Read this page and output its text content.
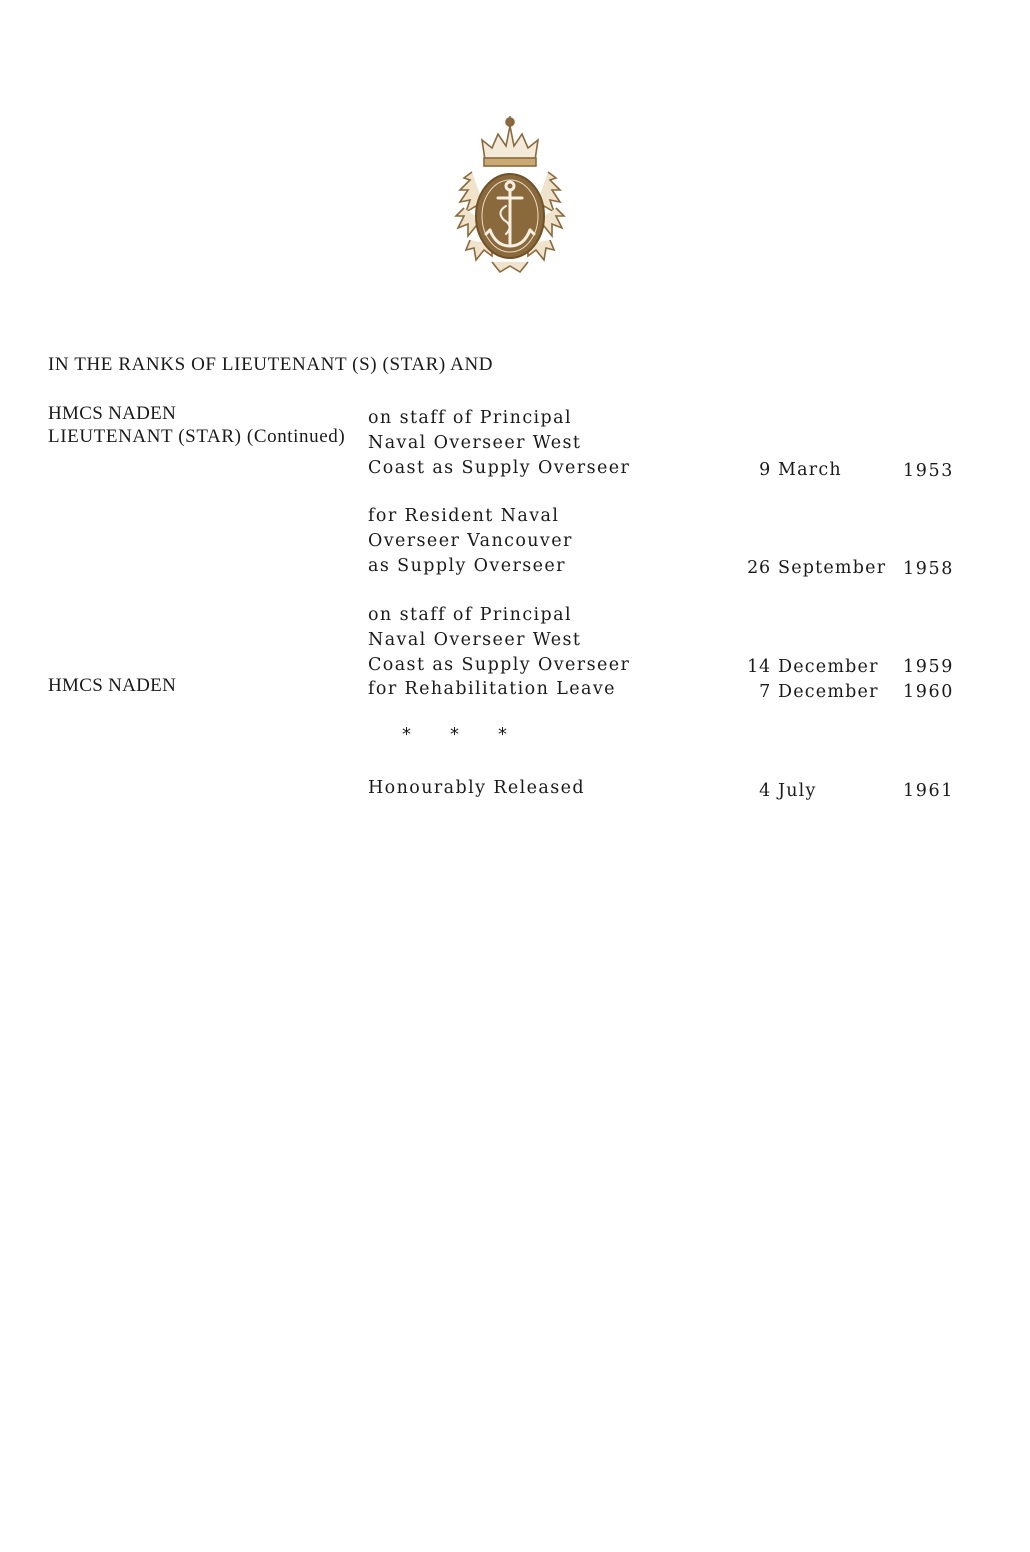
IN THE RANKS OF LIEUTENANT (S) (STAR) AND

LIEUTENANT (STAR) (Continued)

HMCS NADEN	on staff of Principal
Naval Overseer West
Coast as Supply Overseer	9 March	1953
for Resident Naval
Overseer Vancouver
as Supply Overseer	26 September 1958
on staff of Principal
Naval Overseer West
Coast as Supply Overseer	14 December 1959
HMCS NADEN	for Rehabilitation Leave	7 December 1960
* * *
Honourably Released	4 July	1961
